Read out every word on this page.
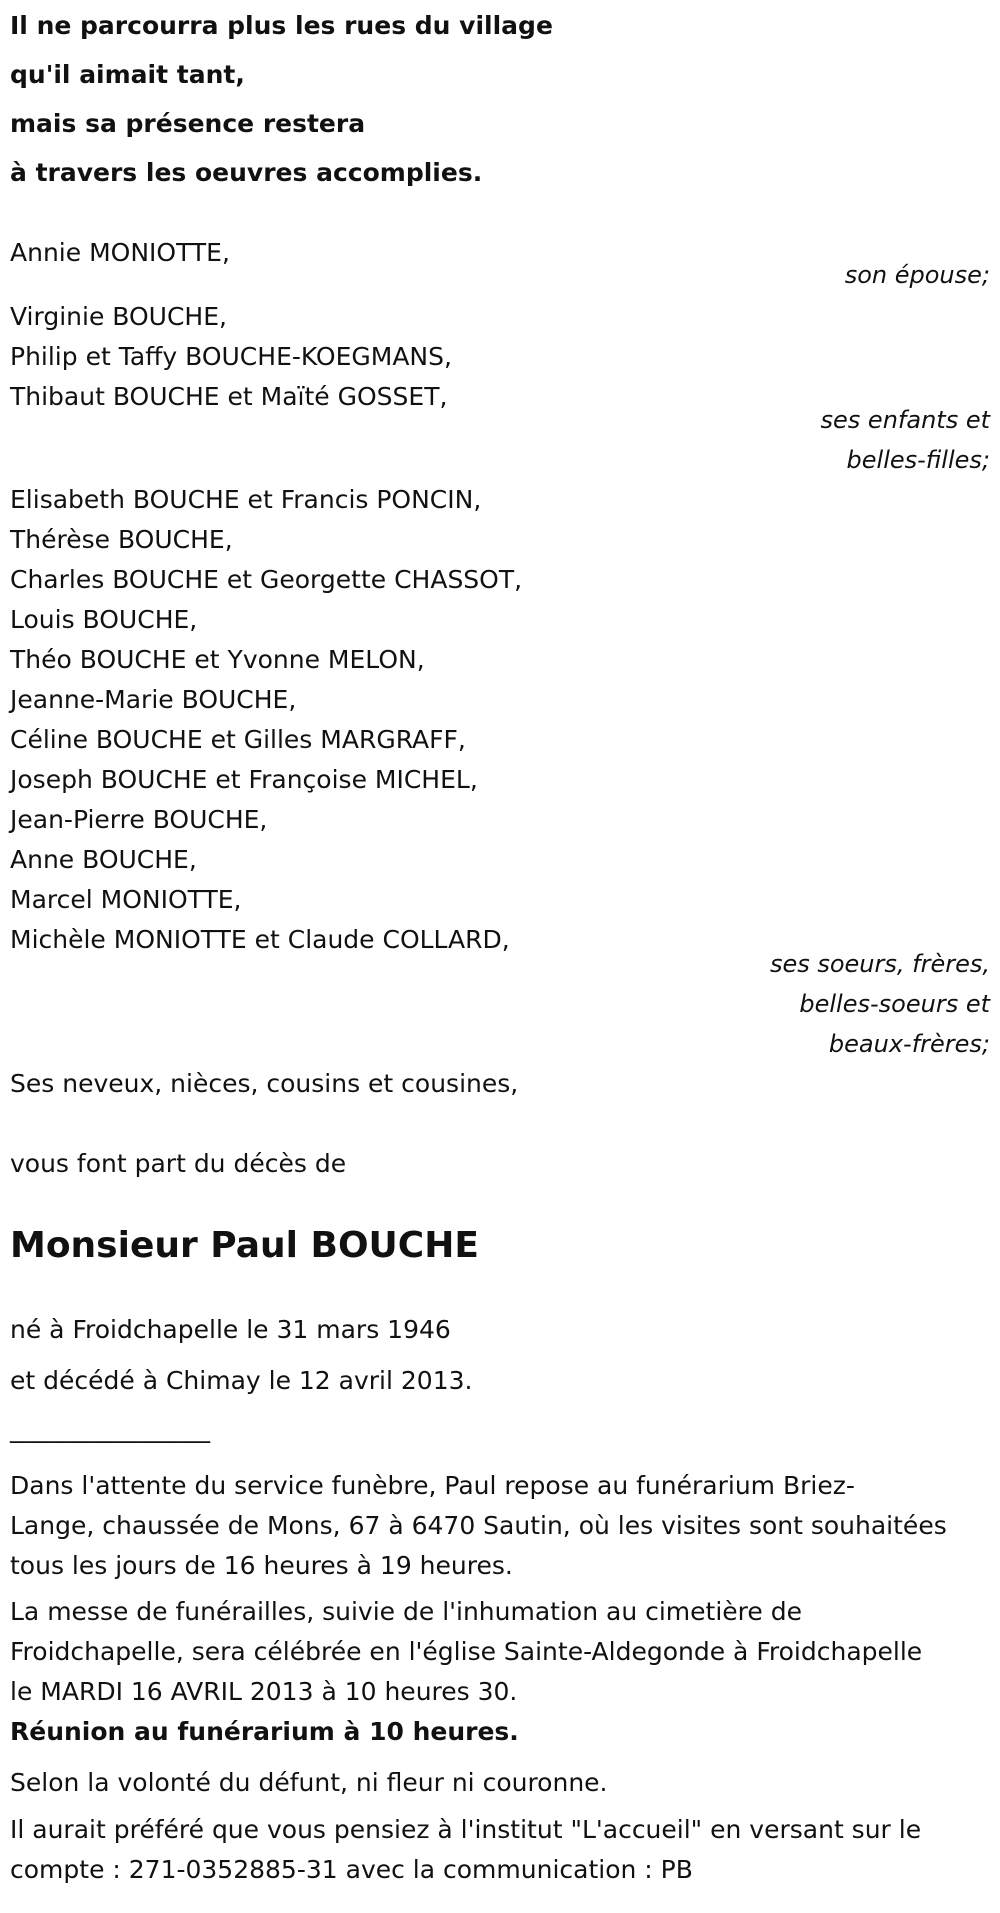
Il ne parcourra plus les rues du village
qu'il aimait tant,
mais sa présence restera
à travers les oeuvres accomplies.
Annie MONIOTTE,
son épouse;
Virginie BOUCHE,
Philip et Taffy BOUCHE-KOEGMANS,
Thibaut BOUCHE et Maïté GOSSET,
ses enfants et
belles-filles;
Elisabeth BOUCHE et Francis PONCIN,
Thérèse BOUCHE,
Charles BOUCHE et Georgette CHASSOT,
Louis BOUCHE,
Théo BOUCHE et Yvonne MELON,
Jeanne-Marie BOUCHE,
Céline BOUCHE et Gilles MARGRAFF,
Joseph BOUCHE et Françoise MICHEL,
Jean-Pierre BOUCHE,
Anne BOUCHE,
Marcel MONIOTTE,
Michèle MONIOTTE et Claude COLLARD,
ses soeurs, frères,
belles-soeurs et
beaux-frères;
Ses neveux, nièces, cousins et cousines,
vous font part du décès de
Monsieur Paul BOUCHE
né à Froidchapelle le 31 mars 1946
et décédé à Chimay le 12 avril 2013.
________________
Dans l'attente du service funèbre, Paul repose au funérarium Briez-
Lange, chaussée de Mons, 67 à 6470 Sautin, où les visites sont souhaitées
tous les jours de 16 heures à 19 heures.
La messe de funérailles, suivie de l'inhumation au cimetière de
Froidchapelle, sera célébrée en l'église Sainte-Aldegonde à Froidchapelle
le MARDI 16 AVRIL 2013 à 10 heures 30.
Réunion au funérarium à 10 heures.
Selon la volonté du défunt, ni fleur ni couronne.
Il aurait préféré que vous pensiez à l'institut "L'accueil" en versant sur le
compte : 271-0352885-31 avec la communication : PB
